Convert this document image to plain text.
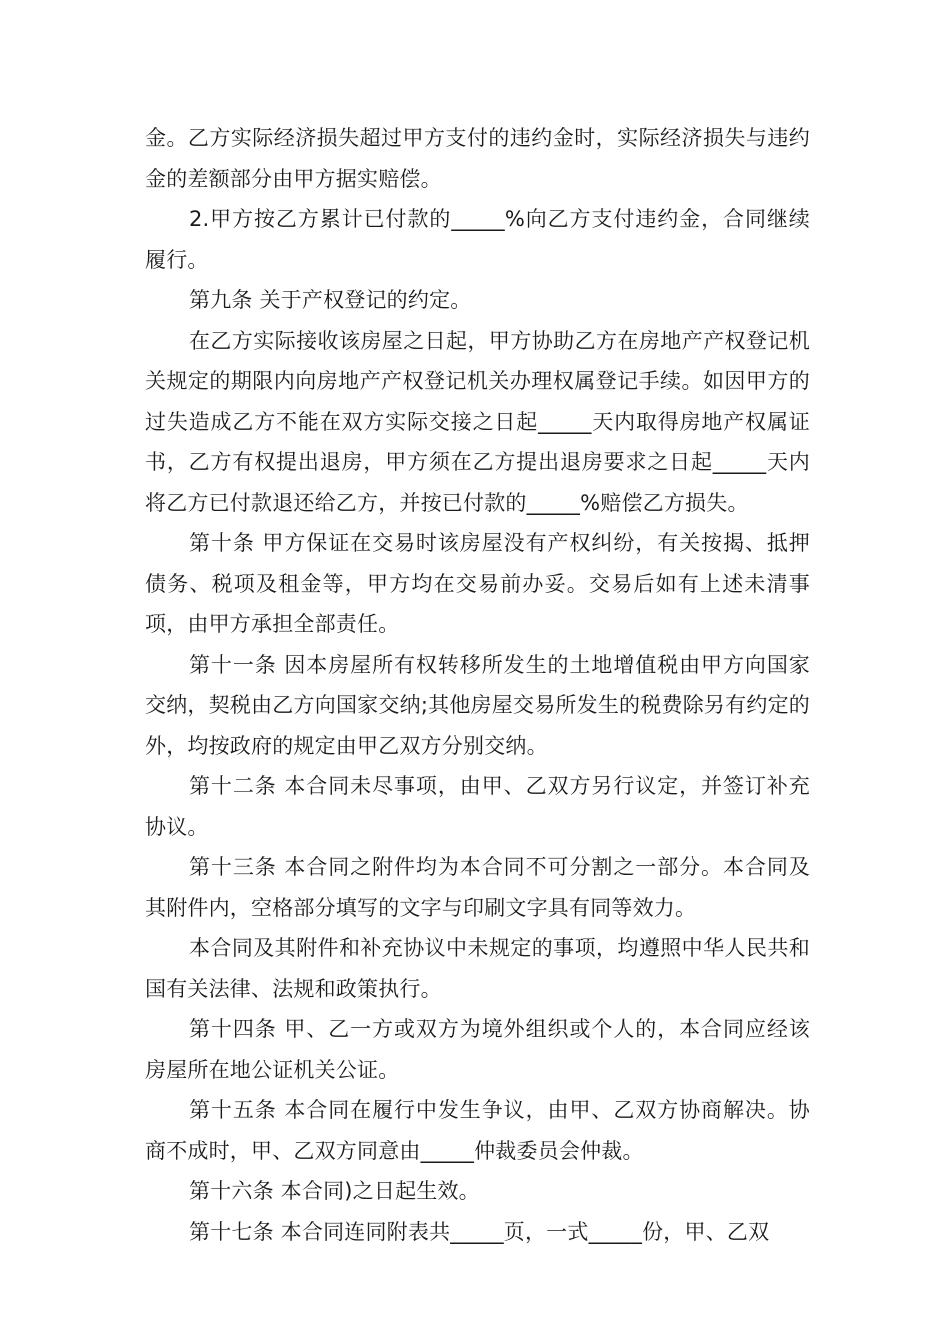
金。乙方实际经济损失超过甲方支付的违约金时，实际经济损失与违约金的差额部分由甲方据实赔偿。

2.甲方按乙方累计已付款的_____%向乙方支付违约金，合同继续履行。

第九条 关于产权登记的约定。

在乙方实际接收该房屋之日起，甲方协助乙方在房地产产权登记机关规定的期限内向房地产产权登记机关办理权属登记手续。如因甲方的过失造成乙方不能在双方实际交接之日起_____天内取得房地产权属证书，乙方有权提出退房，甲方须在乙方提出退房要求之日起_____天内将乙方已付款退还给乙方，并按已付款的_____%赔偿乙方损失。

第十条 甲方保证在交易时该房屋没有产权纠纷，有关按揭、抵押债务、税项及租金等，甲方均在交易前办妥。交易后如有上述未清事项，由甲方承担全部责任。

第十一条 因本房屋所有权转移所发生的土地增值税由甲方向国家交纳，契税由乙方向国家交纳;其他房屋交易所发生的税费除另有约定的外，均按政府的规定由甲乙双方分别交纳。

第十二条 本合同未尽事项，由甲、乙双方另行议定，并签订补充协议。

第十三条 本合同之附件均为本合同不可分割之一部分。本合同及其附件内，空格部分填写的文字与印刷文字具有同等效力。

本合同及其附件和补充协议中未规定的事项，均遵照中华人民共和国有关法律、法规和政策执行。

第十四条 甲、乙一方或双方为境外组织或个人的，本合同应经该房屋所在地公证机关公证。

第十五条 本合同在履行中发生争议，由甲、乙双方协商解决。协商不成时，甲、乙双方同意由_____仲裁委员会仲裁。

第十六条 本合同)之日起生效。

第十七条 本合同连同附表共_____页，一式_____份，甲、乙双
